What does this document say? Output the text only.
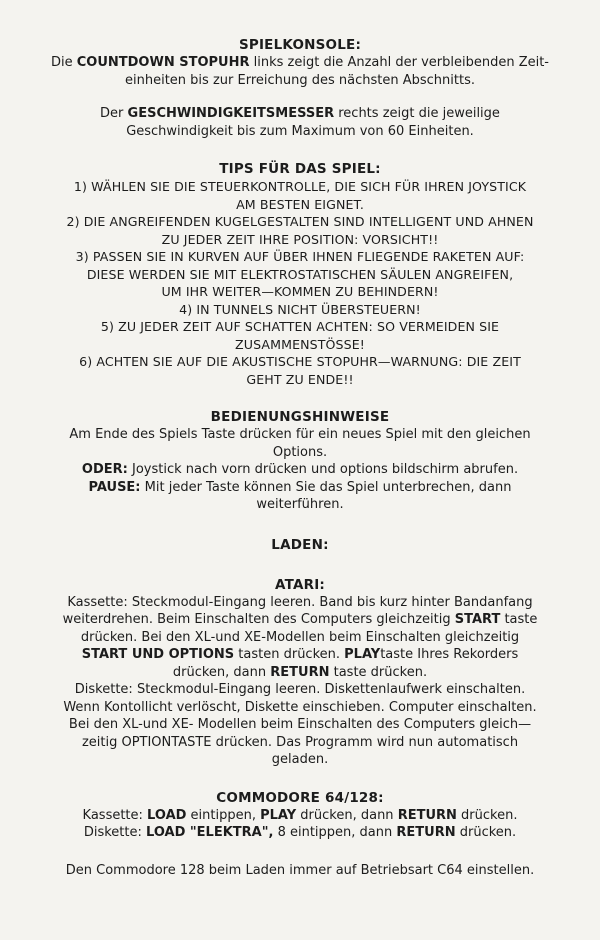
SPIELKONSOLE:

Die COUNTDOWN STOPUHR links zeigt die Anzahl der verbleibenden Zeit-

einheiten bis zur Erreichung des nächsten Abschnitts.

Der GESCHWINDIGKEITSMESSER rechts zeigt die jeweilige

Geschwindigkeit bis zum Maximum von 60 Einheiten.

TIPS FÜR DAS SPIEL:

1) WÄHLEN SIE DIE STEUERKONTROLLE, DIE SICH FÜR IHREN JOYSTICK

AM BESTEN EIGNET.

2) DIE ANGREIFENDEN KUGELGESTALTEN SIND INTELLIGENT UND AHNEN

ZU JEDER ZEIT IHRE POSITION: VORSICHT!!

3) PASSEN SIE IN KURVEN AUF ÜBER IHNEN FLIEGENDE RAKETEN AUF:

DIESE WERDEN SIE MIT ELEKTROSTATISCHEN SÄULEN ANGREIFEN,

UM IHR WEITER—KOMMEN ZU BEHINDERN!

4) IN TUNNELS NICHT ÜBERSTEUERN!

5) ZU JEDER ZEIT AUF SCHATTEN ACHTEN: SO VERMEIDEN SIE

ZUSAMMENSTÖSSE!

6) ACHTEN SIE AUF DIE AKUSTISCHE STOPUHR—WARNUNG: DIE ZEIT

GEHT ZU ENDE!!

BEDIENUNGSHINWEISE

Am Ende des Spiels Taste drücken für ein neues Spiel mit den gleichen

Options.

ODER: Joystick nach vorn drücken und options bildschirm abrufen.

PAUSE: Mit jeder Taste können Sie das Spiel unterbrechen, dann

weiterführen.

LADEN:

ATARI:

Kassette: Steckmodul-Eingang leeren. Band bis kurz hinter Bandanfang

weiterdrehen. Beim Einschalten des Computers gleichzeitig START taste

drücken. Bei den XL-und XE-Modellen beim Einschalten gleichzeitig

START UND OPTIONS tasten drücken. PLAYtaste Ihres Rekorders

drücken, dann RETURN taste drücken.

Diskette: Steckmodul-Eingang leeren. Diskettenlaufwerk einschalten.

Wenn Kontollicht verlöscht, Diskette einschieben. Computer einschalten.

Bei den XL-und XE- Modellen beim Einschalten des Computers gleich—

zeitig OPTIONTASTE drücken. Das Programm wird nun automatisch

geladen.

COMMODORE 64/128:

Kassette: LOAD eintippen, PLAY drücken, dann RETURN drücken.

Diskette: LOAD "ELEKTRA", 8 eintippen, dann RETURN drücken.

Den Commodore 128 beim Laden immer auf Betriebsart C64 einstellen.
